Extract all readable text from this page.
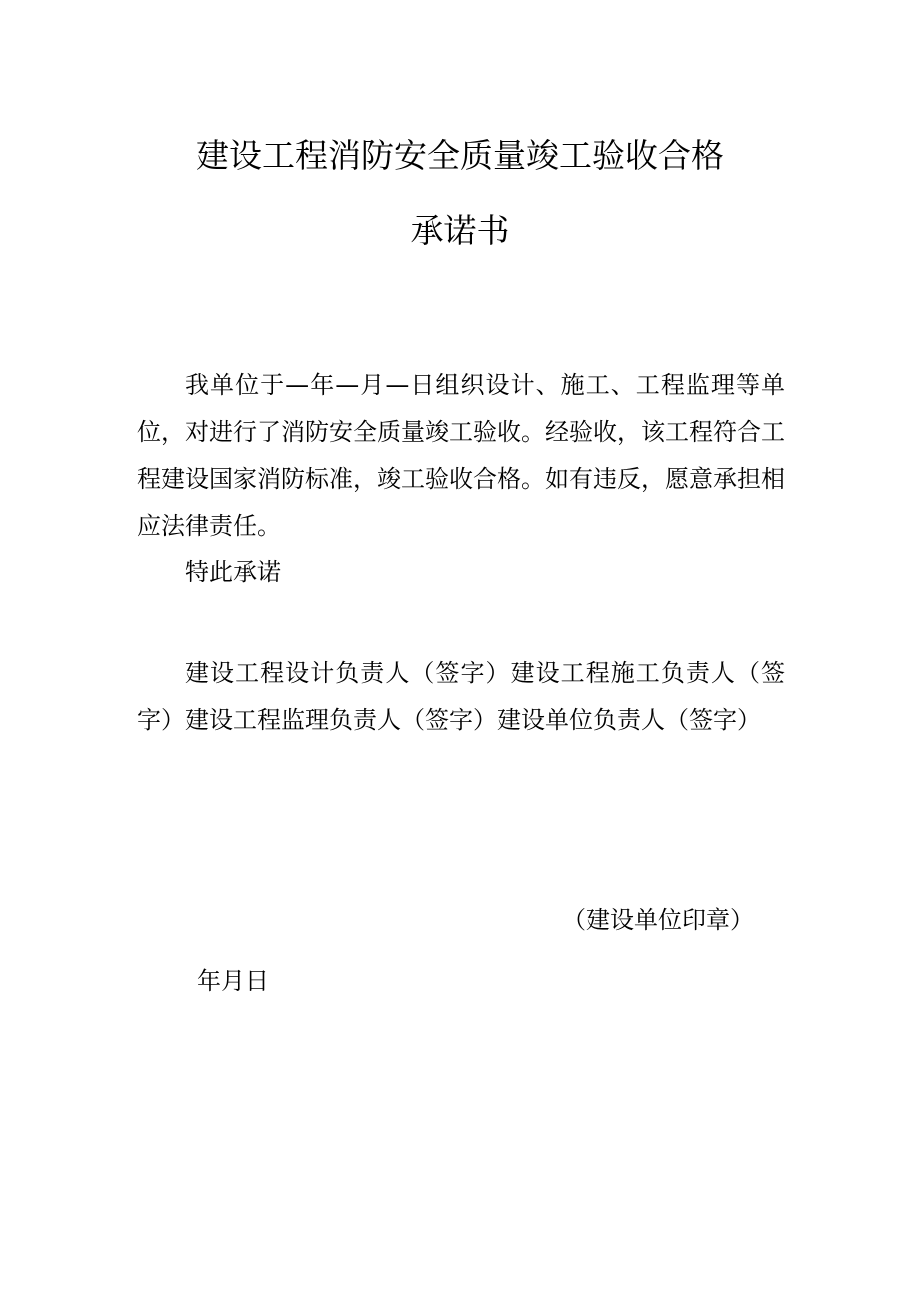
建设工程消防安全质量竣工验收合格
承诺书

我单位于—年—月—日组织设计、施工、工程监理等单位，对进行了消防安全质量竣工验收。经验收，该工程符合工程建设国家消防标准，竣工验收合格。如有违反，愿意承担相应法律责任。

特此承诺

建设工程设计负责人（签字）建设工程施工负责人（签字）建设工程监理负责人（签字）建设单位负责人（签字）

（建设单位印章）

年月日
